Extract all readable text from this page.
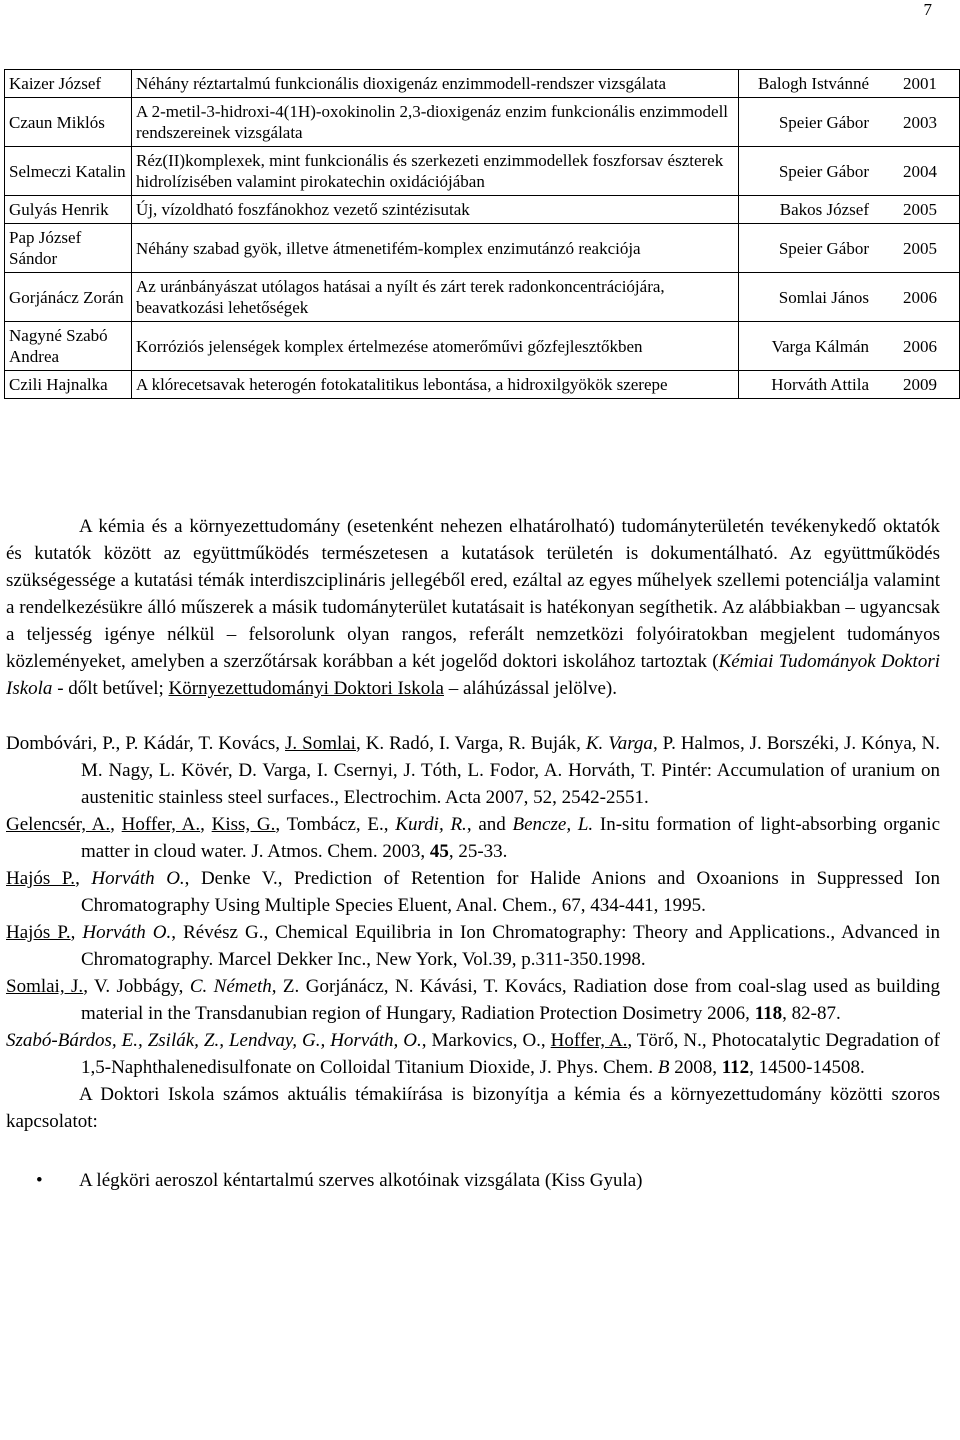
7
Kaizer József	Néhány réztartalmú funkcionális dioxigenáz enzimmodell-rendszer vizsgálata	Balogh Istvánné	2001
Czaun Miklós	A 2-metil-3-hidroxi-4(1H)-oxokinolin 2,3-dioxigenáz enzim funkcionális enzimmodell rendszereinek vizsgálata	Speier Gábor	2003
Selmeczi Katalin	Réz(II)komplexek, mint funkcionális és szerkezeti enzimmodellek foszforsav észterek hidrolízisében valamint pirokatechin oxidációjában	Speier Gábor	2004
Gulyás Henrik	Új, vízoldható foszfánokhoz vezető szintézisutak	Bakos József	2005
Pap József Sándor	Néhány szabad gyök, illetve átmenetifém-komplex enzimutánzó reakciója	Speier Gábor	2005
Gorjánácz Zorán	Az uránbányászat utólagos hatásai a nyílt és zárt terek radonkoncentrációjára, beavatkozási lehetőségek	Somlai János	2006
Nagyné Szabó Andrea	Korróziós jelenségek komplex értelmezése atomerőművi gőzfejlesztőkben	Varga Kálmán	2006
Czili Hajnalka	A klórecetsavak heterogén fotokatalitikus lebontása, a hidroxilgyökök szerepe	Horváth Attila	2009

A kémia és a környezettudomány (esetenként nehezen elhatárolható) tudományterületén tevékenykedő oktatók és kutatók között az együttműködés természetesen a kutatások területén is dokumentálható. Az együttműködés szükségessége a kutatási témák interdiszciplináris jellegéből ered, ezáltal az egyes műhelyek szellemi potenciálja valamint a rendelkezésükre álló műszerek a másik tudományterület kutatásait is hatékonyan segíthetik. Az alábbiakban – ugyancsak a teljesség igénye nélkül – felsorolunk olyan rangos, referált nemzetközi folyóiratokban megjelent tudományos közleményeket, amelyben a szerzőtársak korábban a két jogelőd doktori iskolához tartoztak (Kémiai Tudományok Doktori Iskola - dőlt betűvel; Környezettudományi Doktori Iskola – aláhúzással jelölve).

Dombóvári, P., P. Kádár, T. Kovács, J. Somlai, K. Radó, I. Varga, R. Buják, K. Varga, P. Halmos, J. Borszéki, J. Kónya, N. M. Nagy, L. Kövér, D. Varga, I. Csernyi, J. Tóth, L. Fodor, A. Horváth, T. Pintér: Accumulation of uranium on austenitic stainless steel surfaces., Electrochim. Acta 2007, 52, 2542-2551.

Gelencsér, A., Hoffer, A., Kiss, G., Tombácz, E., Kurdi, R., and Bencze, L. In-situ formation of light-absorbing organic matter in cloud water. J. Atmos. Chem. 2003, 45, 25-33.

Hajós P., Horváth O., Denke V., Prediction of Retention for Halide Anions and Oxoanions in Suppressed Ion Chromatography Using Multiple Species Eluent, Anal. Chem., 67, 434-441, 1995.

Hajós P., Horváth O., Révész G., Chemical Equilibria in Ion Chromatography: Theory and Applications., Advanced in Chromatography. Marcel Dekker Inc., New York, Vol.39, p.311-350.1998.

Somlai, J., V. Jobbágy, C. Németh, Z. Gorjánácz, N. Kávási, T. Kovács, Radiation dose from coal-slag used as building material in the Transdanubian region of Hungary, Radiation Protection Dosimetry 2006, 118, 82-87.

Szabó-Bárdos, E., Zsilák, Z., Lendvay, G., Horváth, O., Markovics, O., Hoffer, A., Törő, N., Photocatalytic Degradation of 1,5-Naphthalenedisulfonate on Colloidal Titanium Dioxide, J. Phys. Chem. B 2008, 112, 14500-14508.

A Doktori Iskola számos aktuális témakiírása is bizonyítja a kémia és a környezettudomány közötti szoros kapcsolatot:

• A légköri aeroszol kéntartalmú szerves alkotóinak vizsgálata (Kiss Gyula)
